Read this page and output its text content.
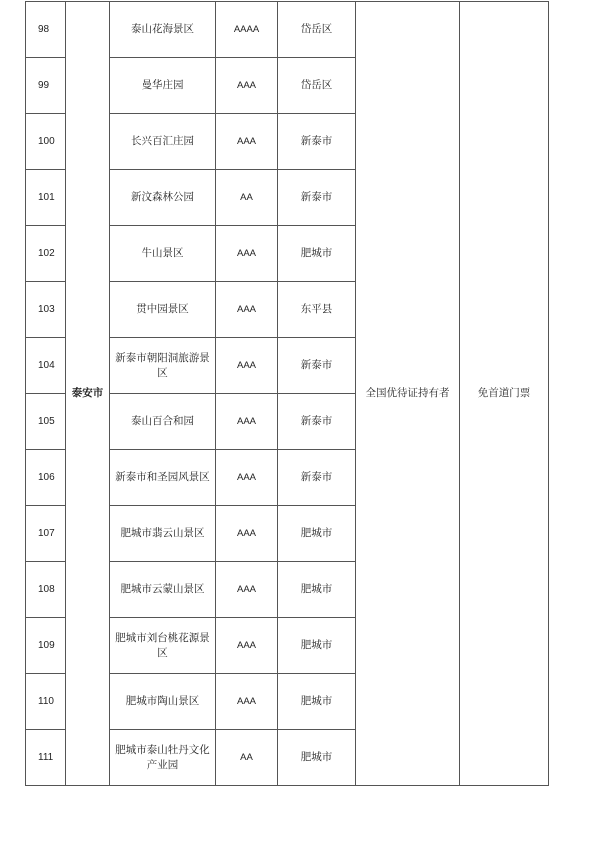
98	泰安市	泰山花海景区	AAAA	岱岳区	全国优待证持有者	免首道门票
99		曼华庄园	AAA	岱岳区		
100		长兴百汇庄园	AAA	新泰市		
101		新汶森林公园	AA	新泰市		
102		牛山景区	AAA	肥城市		
103		贯中园景区	AAA	东平县		
104		新泰市朝阳洞旅游景区	AAA	新泰市		
105		泰山百合和园	AAA	新泰市		
106		新泰市和圣园风景区	AAA	新泰市		
107		肥城市翡云山景区	AAA	肥城市		
108		肥城市云蒙山景区	AAA	肥城市		
109		肥城市刘台桃花源景区	AAA	肥城市		
110		肥城市陶山景区	AAA	肥城市		
111		肥城市泰山牡丹文化产业园	AA	肥城市		
